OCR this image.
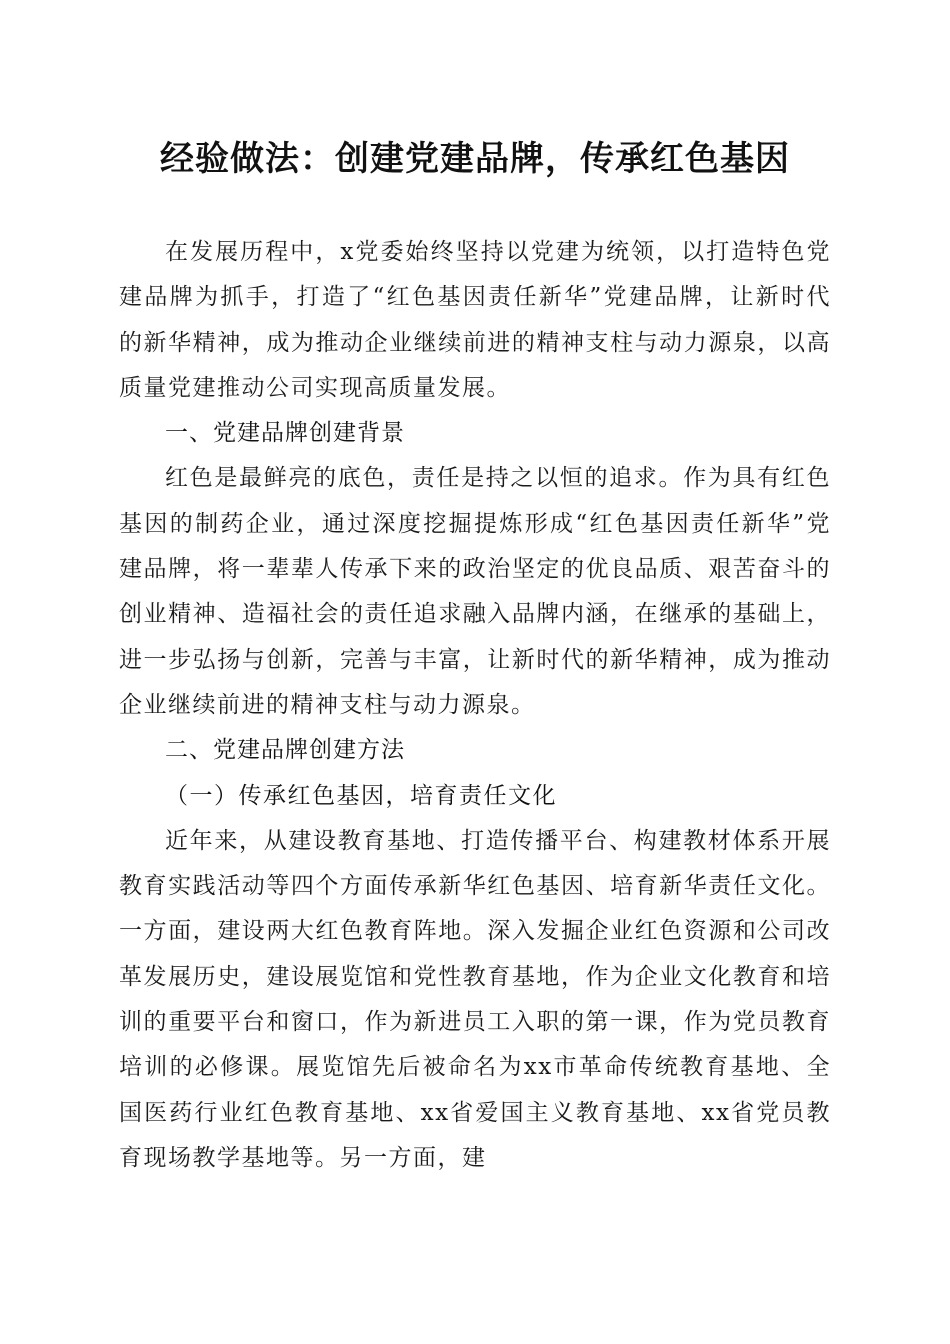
经验做法：创建党建品牌，传承红色基因

在发展历程中，x党委始终坚持以党建为统领，以打造特色党建品牌为抓手，打造了“红色基因责任新华”党建品牌，让新时代的新华精神，成为推动企业继续前进的精神支柱与动力源泉，以高质量党建推动公司实现高质量发展。

一、党建品牌创建背景

红色是最鲜亮的底色，责任是持之以恒的追求。作为具有红色基因的制药企业，通过深度挖掘提炼形成“红色基因责任新华”党建品牌，将一辈辈人传承下来的政治坚定的优良品质、艰苦奋斗的创业精神、造福社会的责任追求融入品牌内涵，在继承的基础上，进一步弘扬与创新，完善与丰富，让新时代的新华精神，成为推动企业继续前进的精神支柱与动力源泉。

二、党建品牌创建方法

（一）传承红色基因，培育责任文化

近年来，从建设教育基地、打造传播平台、构建教材体系开展教育实践活动等四个方面传承新华红色基因、培育新华责任文化。一方面，建设两大红色教育阵地。深入发掘企业红色资源和公司改革发展历史，建设展览馆和党性教育基地，作为企业文化教育和培训的重要平台和窗口，作为新进员工入职的第一课，作为党员教育培训的必修课。展览馆先后被命名为xx市革命传统教育基地、全国医药行业红色教育基地、xx省爱国主义教育基地、xx省党员教育现场教学基地等。另一方面，建
